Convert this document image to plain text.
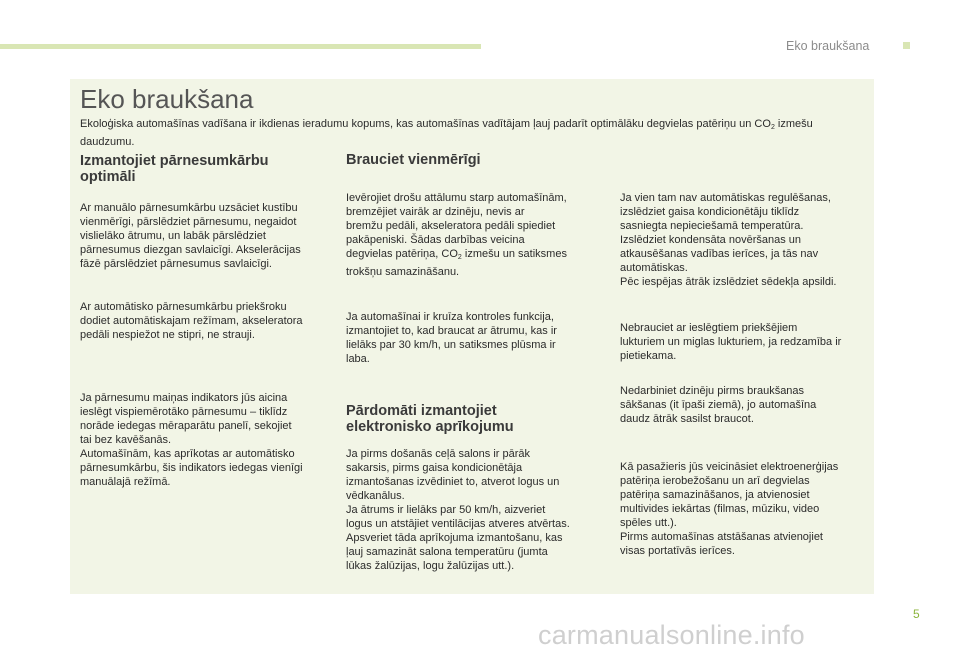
Eko braukšana
Eko braukšana
Ekoloģiska automašīnas vadīšana ir ikdienas ieradumu kopums, kas automašīnas vadītājam ļauj padarīt optimālāku degvielas patēriņu un $CO_2$ izmešu daudzumu.
Izmantojiet pārnesumkārbu
optimāli
Ar manuālo pārnesumkārbu uzsāciet kustību
vienmērīgi, pārslēdziet pārnesumu, negaidot
vislielāko ātrumu, un labāk pārslēdziet
pārnesumus diezgan savlaicīgi. Akselerācijas
fāzē pārslēdziet pārnesumus savlaicīgi.
Ar automātisko pārnesumkārbu priekšroku
dodiet automātiskajam režīmam, akseleratora
pedāli nespiežot ne stipri, ne strauji.
Ja pārnesumu maiņas indikators jūs aicina
ieslēgt vispiemērotāko pārnesumu – tiklīdz
norāde iedegas mēraparātu panelī, sekojiet
tai bez kavēšanās.
Automašīnām, kas aprīkotas ar automātisko
pārnesumkārbu, šis indikators iedegas vienīgi
manuālajā režīmā.
Brauciet vienmērīgi
Ievērojiet drošu attālumu starp automašīnām,
bremzējiet vairāk ar dzinēju, nevis ar
bremžu pedāli, akseleratora pedāli spiediet
pakāpeniski. Šādas darbības veicina
degvielas patēriņa, $CO_2$ izmešu un satiksmes
trokšņu samazināšanu.
Ja automašīnai ir kruīza kontroles funkcija,
izmantojiet to, kad braucat ar ātrumu, kas ir
lielāks par 30 km/h, un satiksmes plūsma ir
laba.
Pārdomāti izmantojiet
elektronisko aprīkojumu
Ja pirms došanās ceļā salons ir pārāk
sakarsis, pirms gaisa kondicionētāja
izmantošanas izvēdiniet to, atverot logus un
vēdkanālus.
Ja ātrums ir lielāks par 50 km/h, aizveriet
logus un atstājiet ventilācijas atveres atvērtas.
Apsveriet tāda aprīkojuma izmantošanu, kas
ļauj samazināt salona temperatūru (jumta
lūkas žalūzijas, logu žalūzijas utt.).
Ja vien tam nav automātiskas regulēšanas,
izslēdziet gaisa kondicionētāju tiklīdz
sasniegta nepieciešamā temperatūra.
Izslēdziet kondensāta novēršanas un
atkausēšanas vadības ierīces, ja tās nav
automātiskas.
Pēc iespējas ātrāk izslēdziet sēdekļa apsildi.
Nebrauciet ar ieslēgtiem priekšējiem
lukturiem un miglas lukturiem, ja redzamība ir
pietiekama.
Nedarbiniet dzinēju pirms braukšanas
sākšanas (it īpaši ziemā), jo automašīna
daudz ātrāk sasilst braucot.
Kā pasažieris jūs veicināsiet elektroenerģijas
patēriņa ierobežošanu un arī degvielas
patēriņa samazināšanos, ja atvienosiet
multivides iekārtas (filmas, mūziku, video
spēles utt.).
Pirms automašīnas atstāšanas atvienojiet
visas portatīvās ierīces.
5
carmanualsonline.info
